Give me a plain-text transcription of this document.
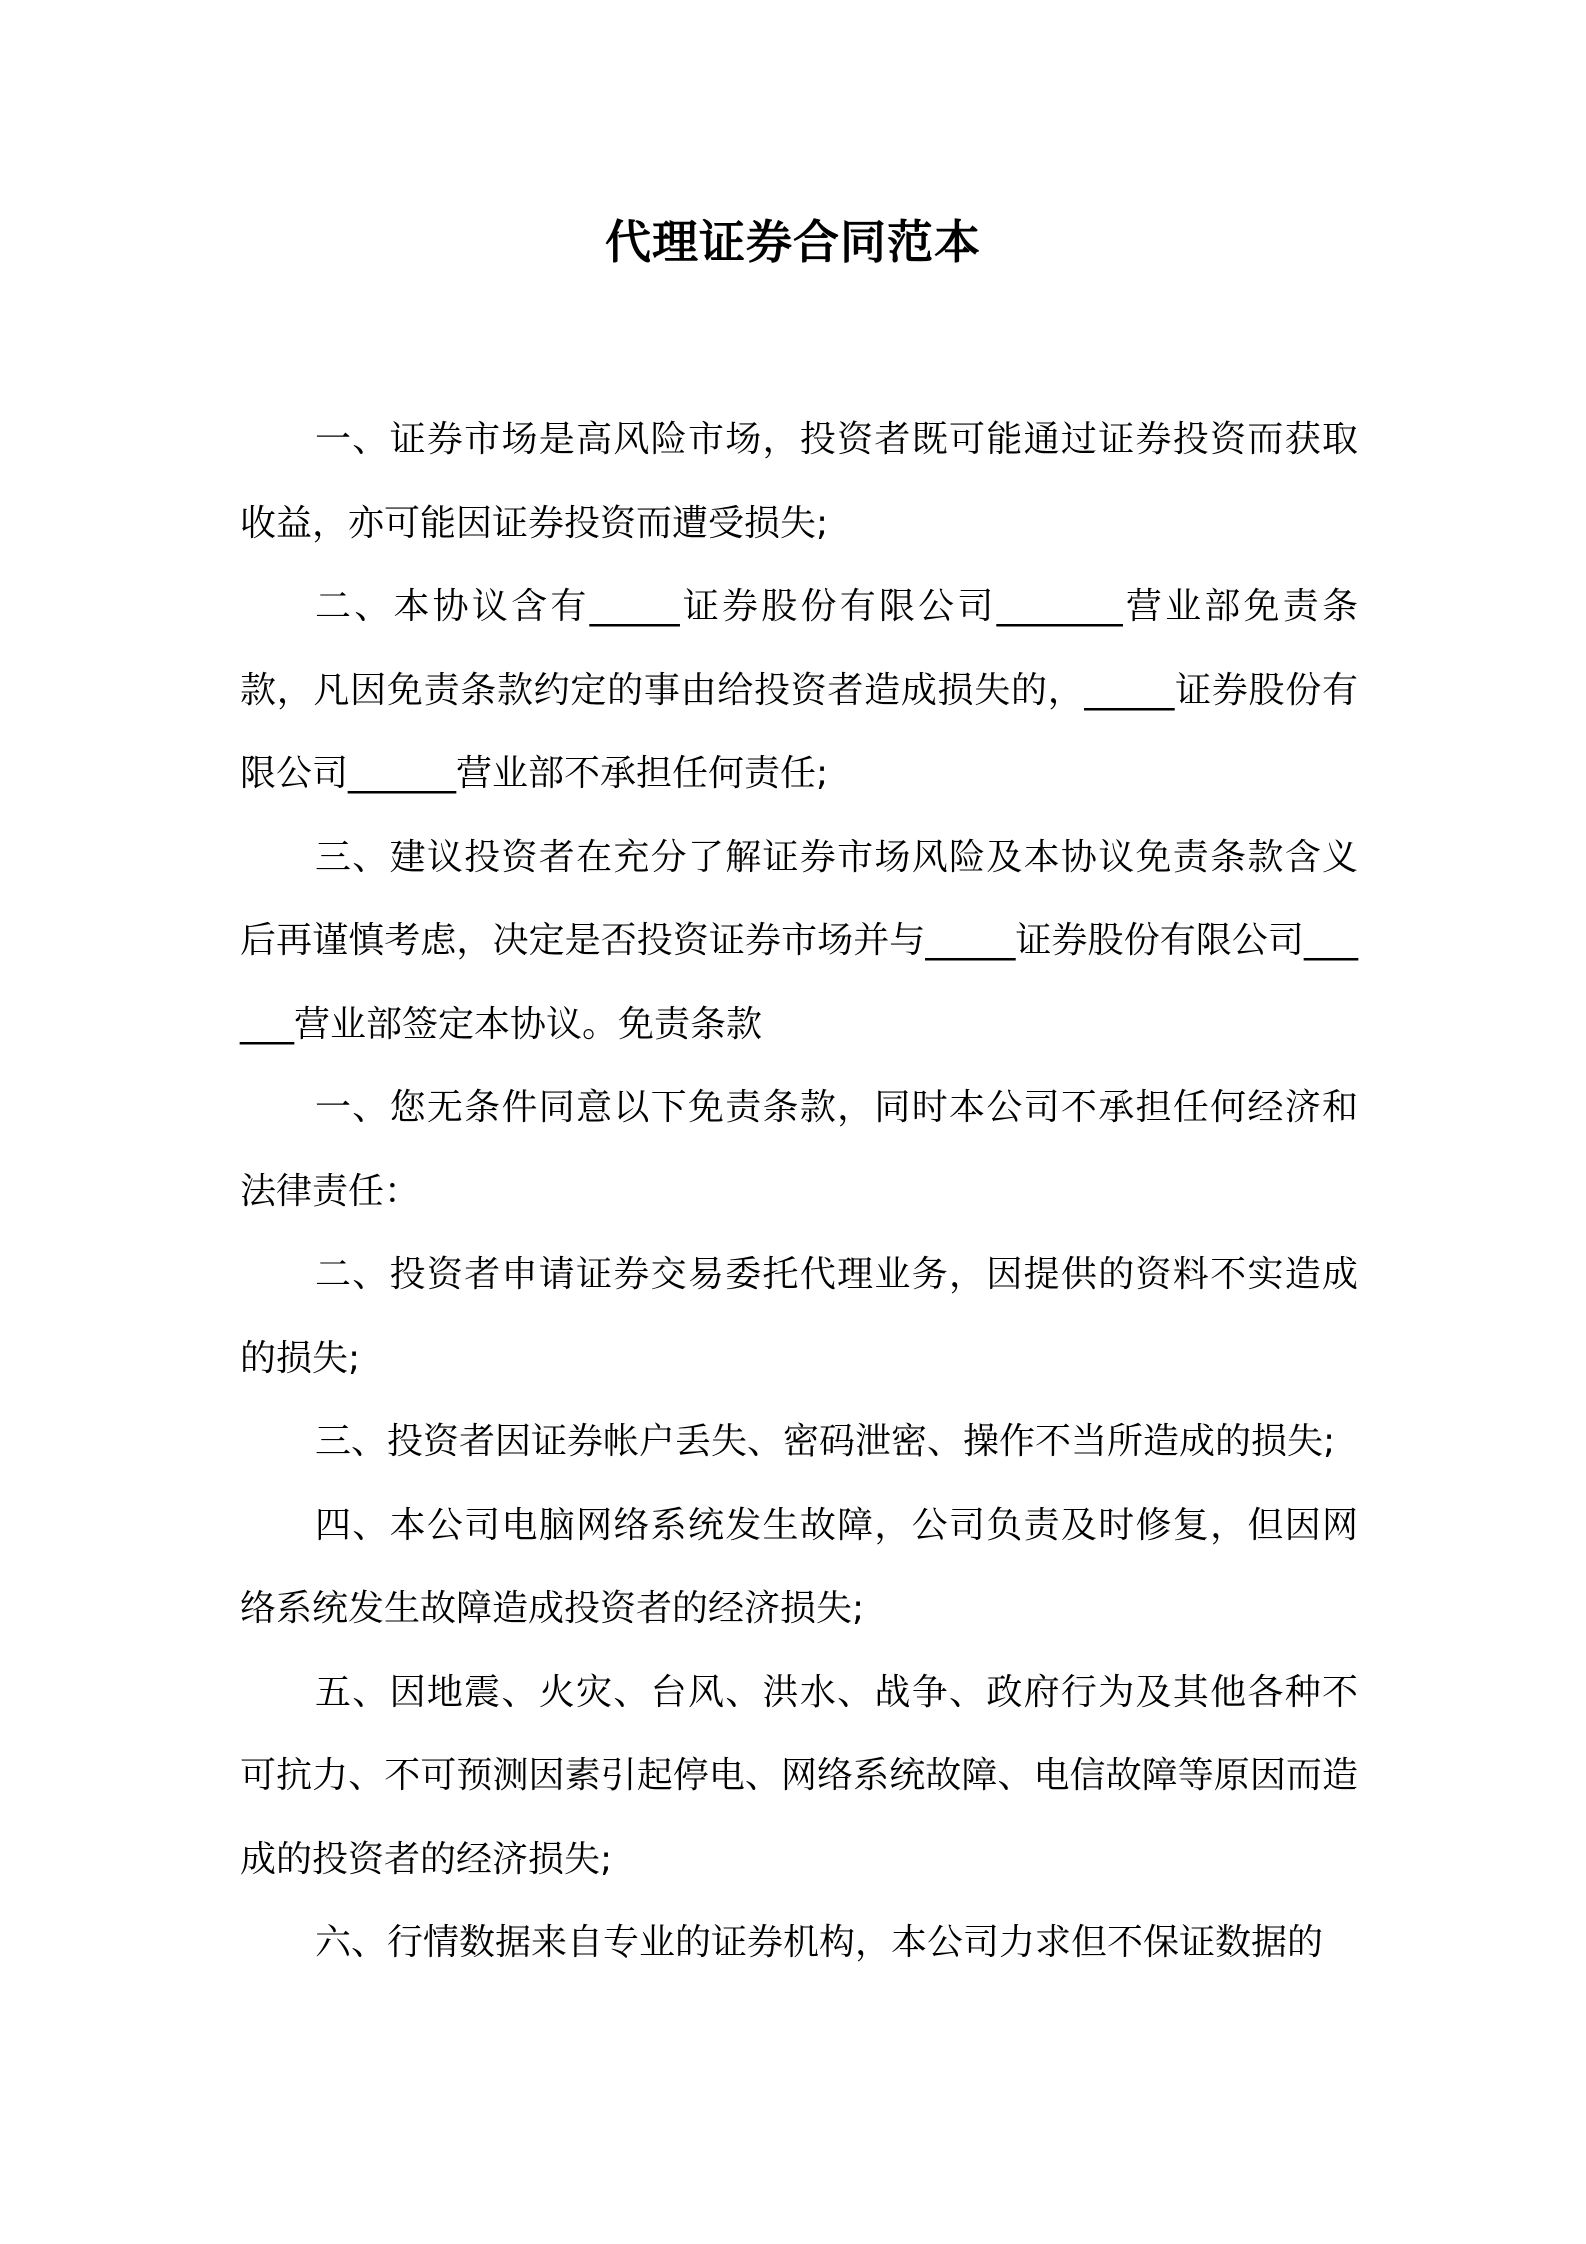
代理证券合同范本

一、证券市场是高风险市场，投资者既可能通过证券投资而获取收益，亦可能因证券投资而遭受损失;

二、本协议含有_____证券股份有限公司_______营业部免责条款，凡因免责条款约定的事由给投资者造成损失的，_____证券股份有限公司______营业部不承担任何责任;

三、建议投资者在充分了解证券市场风险及本协议免责条款含义后再谨慎考虑，决定是否投资证券市场并与_____证券股份有限公司______营业部签定本协议。免责条款

一、您无条件同意以下免责条款，同时本公司不承担任何经济和法律责任：

二、投资者申请证券交易委托代理业务，因提供的资料不实造成的损失;

三、投资者因证券帐户丢失、密码泄密、操作不当所造成的损失;

四、本公司电脑网络系统发生故障，公司负责及时修复，但因网络系统发生故障造成投资者的经济损失;

五、因地震、火灾、台风、洪水、战争、政府行为及其他各种不可抗力、不可预测因素引起停电、网络系统故障、电信故障等原因而造成的投资者的经济损失;

六、行情数据来自专业的证券机构，本公司力求但不保证数据的
